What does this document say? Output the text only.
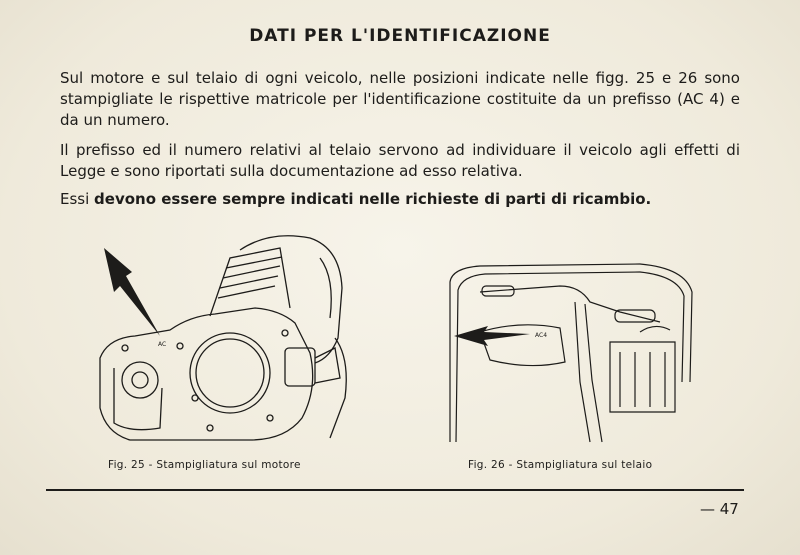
DATI PER L'IDENTIFICAZIONE
Sul motore e sul telaio di ogni veicolo, nelle posizioni indicate nelle figg. 25 e 26 sono stampigliate le rispettive matricole per l'identificazione costituite da un prefisso (AC 4) e da un numero.
Il prefisso ed il numero relativi al telaio servono ad individuare il veicolo agli effetti di Legge e sono riportati sulla documentazione ad esso relativa.
Essi devono essere sempre indicati nelle richieste di parti di ricambio.
AC
AC4
Fig. 25 - Stampigliatura sul motore	Fig. 26 - Stampigliatura sul telaio
— 47
